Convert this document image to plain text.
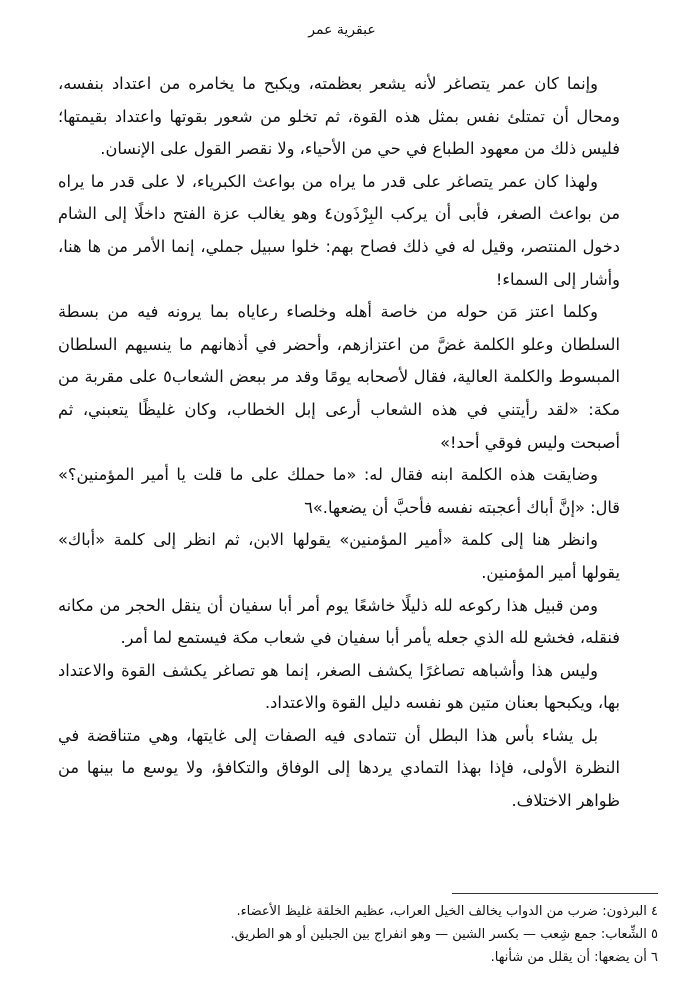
عبقرية عمر

وإنما كان عمر يتصاغر لأنه يشعر بعظمته، ويكبح ما يخامره من اعتداد بنفسه، ومحال أن تمتلئ نفس بمثل هذه القوة، ثم تخلو من شعور بقوتها واعتداد بقيمتها؛ فليس ذلك من معهود الطباع في حي من الأحياء، ولا نقصر القول على الإنسان.

ولهذا كان عمر يتصاغر على قدر ما يراه من بواعث الكبرياء، لا على قدر ما يراه من بواعث الصغر، فأبى أن يركب البِرْذَون٤ وهو يغالب عزة الفتح داخلًا إلى الشام دخول المنتصر، وقيل له في ذلك فصاح بهم: خلوا سبيل جملي، إنما الأمر من ها هنا، وأشار إلى السماء!

وكلما اعتز مَن حوله من خاصة أهله وخلصاء رعاياه بما يرونه فيه من بسطة السلطان وعلو الكلمة غضَّ من اعتزازهم، وأحضر في أذهانهم ما ينسيهم السلطان المبسوط والكلمة العالية، فقال لأصحابه يومًا وقد مر ببعض الشعاب٥ على مقربة من مكة: «لقد رأيتني في هذه الشعاب أرعى إبل الخطاب، وكان غليظًا يتعبني، ثم أصبحت وليس فوقي أحد!»

وضايقت هذه الكلمة ابنه فقال له: «ما حملك على ما قلت يا أمير المؤمنين؟» قال: «إنَّ أباك أعجبته نفسه فأحبَّ أن يضعها.»٦

وانظر هنا إلى كلمة «أمير المؤمنين» يقولها الابن، ثم انظر إلى كلمة «أباك» يقولها أمير المؤمنين.

ومن قبيل هذا ركوعه لله ذليلًا خاشعًا يوم أمر أبا سفيان أن ينقل الحجر من مكانه فنقله، فخشع لله الذي جعله يأمر أبا سفيان في شعاب مكة فيستمع لما أمر.

وليس هذا وأشباهه تصاغرًا يكشف الصغر، إنما هو تصاغر يكشف القوة والاعتداد بها، ويكبحها بعنان متين هو نفسه دليل القوة والاعتداد.

بل يشاء بأس هذا البطل أن تتمادى فيه الصفات إلى غايتها، وهي متناقضة في النظرة الأولى، فإذا بهذا التمادي يردها إلى الوفاق والتكافؤ، ولا يوسع ما بينها من ظواهر الاختلاف.

٤ البرذون: ضرب من الدواب يخالف الخيل العراب، عظيم الخلقة غليظ الأعضاء.

٥ الشِّعاب: جمع شِعب — بكسر الشين — وهو انفراج بين الجبلين أو هو الطريق.

٦ أن يضعها: أن يقلل من شأنها.
